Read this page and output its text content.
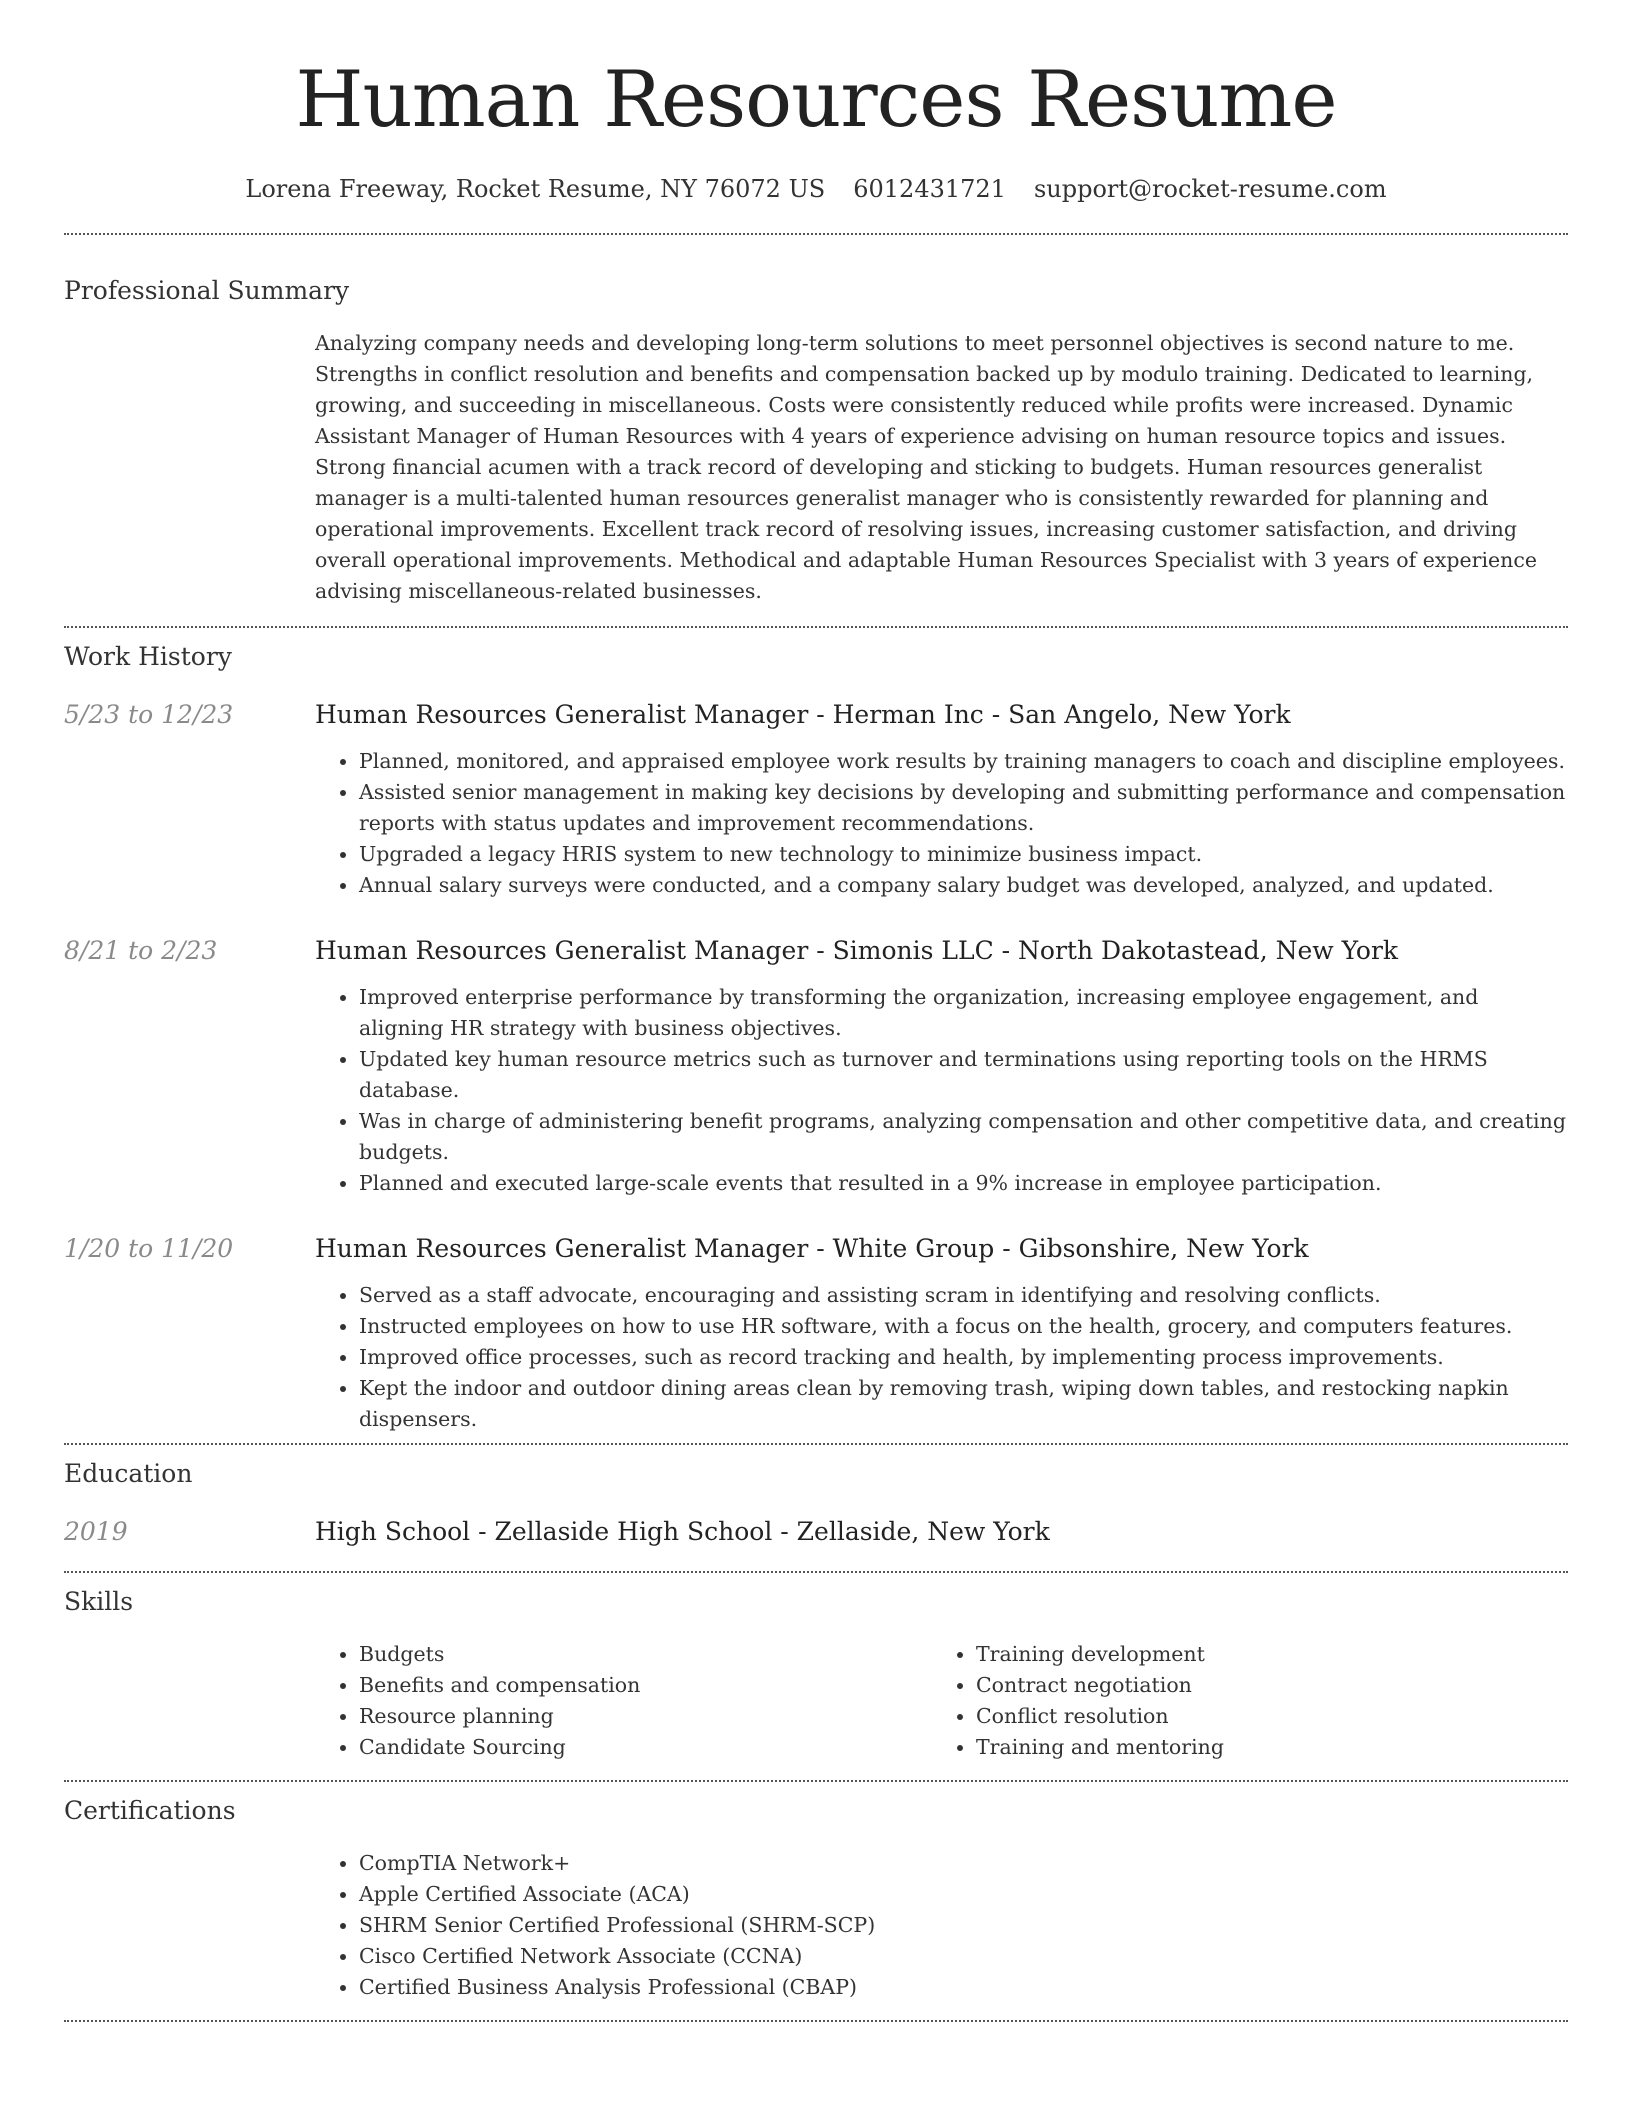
Human Resources Resume
Lorena Freeway, Rocket Resume, NY 76072 US 6012431721 support@rocket-resume.com
Professional Summary

Analyzing company needs and developing long-term solutions to meet personnel objectives is second nature to me. Strengths in conflict resolution and benefits and compensation backed up by modulo training. Dedicated to learning, growing, and succeeding in miscellaneous. Costs were consistently reduced while profits were increased. Dynamic Assistant Manager of Human Resources with 4 years of experience advising on human resource topics and issues. Strong financial acumen with a track record of developing and sticking to budgets. Human resources generalist manager is a multi-talented human resources generalist manager who is consistently rewarded for planning and operational improvements. Excellent track record of resolving issues, increasing customer satisfaction, and driving overall operational improvements. Methodical and adaptable Human Resources Specialist with 3 years of experience advising miscellaneous-related businesses.

Work History
5/23 to 12/23	Human Resources Generalist Manager - Herman Inc - San Angelo, New York
• Planned, monitored, and appraised employee work results by training managers to coach and discipline employees.
• Assisted senior management in making key decisions by developing and submitting performance and compensation reports with status updates and improvement recommendations.
• Upgraded a legacy HRIS system to new technology to minimize business impact.
• Annual salary surveys were conducted, and a company salary budget was developed, analyzed, and updated.
8/21 to 2/23	Human Resources Generalist Manager - Simonis LLC - North Dakotastead, New York
• Improved enterprise performance by transforming the organization, increasing employee engagement, and aligning HR strategy with business objectives.
• Updated key human resource metrics such as turnover and terminations using reporting tools on the HRMS database.
• Was in charge of administering benefit programs, analyzing compensation and other competitive data, and creating budgets.
• Planned and executed large-scale events that resulted in a 9% increase in employee participation.
1/20 to 11/20	Human Resources Generalist Manager - White Group - Gibsonshire, New York
• Served as a staff advocate, encouraging and assisting scram in identifying and resolving conflicts.
• Instructed employees on how to use HR software, with a focus on the health, grocery, and computers features.
• Improved office processes, such as record tracking and health, by implementing process improvements.
• Kept the indoor and outdoor dining areas clean by removing trash, wiping down tables, and restocking napkin dispensers.
Education
2019	High School - Zellaside High School - Zellaside, New York
Skills
• Budgets
• Benefits and compensation
• Resource planning
• Candidate Sourcing
• Training development
• Contract negotiation
• Conflict resolution
• Training and mentoring
Certifications
• CompTIA Network+
• Apple Certified Associate (ACA)
• SHRM Senior Certified Professional (SHRM-SCP)
• Cisco Certified Network Associate (CCNA)
• Certified Business Analysis Professional (CBAP)
